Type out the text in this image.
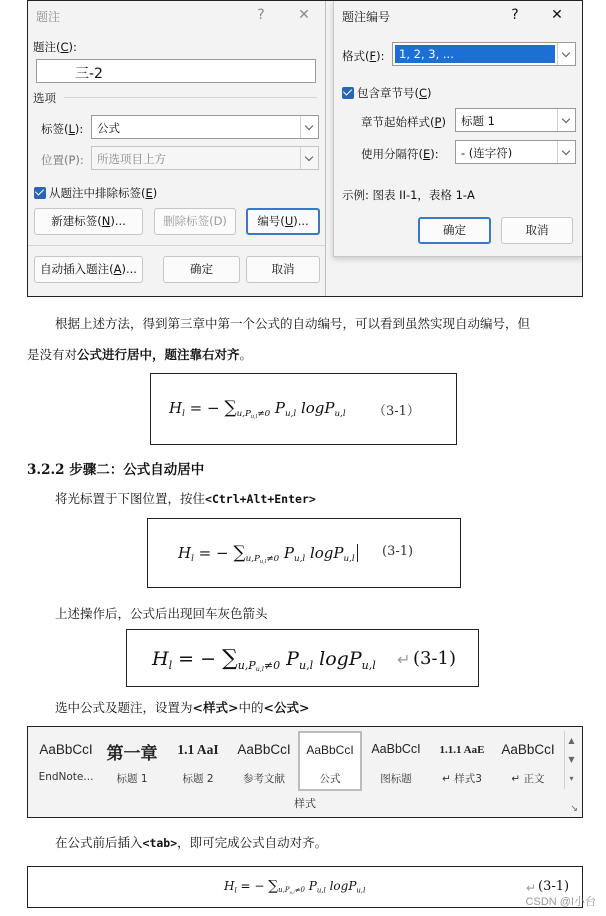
题注	?	✕
题注(C):
三-2
选项
标签(L): 公式
位置(P): 所选项目上方
从题注中排除标签(E)
新建标签(N)...	删除标签(D)	编号(U)...
自动插入题注(A)...	确定	取消
题注编号	?	✕
格式(F):	1, 2, 3, ...
包含章节号(C)
章节起始样式(P) 标题 1
使用分隔符(E): - (连字符)
示例: 图表 II-1，表格 1-A
确定	取消
根据上述方法，得到第三章中第一个公式的自动编号，可以看到虽然实现自动编号，但
是没有对公式进行居中，题注靠右对齐。
$H_l$ = − $\sum_{u,P_{u,l}\ne 0}$ $P_{u,l}$ logP$_{u,l}$ （3-1）
3.2.2 步骤二：公式自动居中
将光标置于下图位置，按住<Ctrl+Alt+Enter>
$H_l$ = − $\sum_{u,P_{u,l}\ne 0}$ $P_{u,l}$ logP$_{u,l}$
(3-1)
上述操作后，公式后出现回车灰色箭头
$H_l$ = − $\sum_{u,P_{u,l}\ne 0}$ $P_{u,l}$ logP$_{u,l}$ ↵ (3-1)
选中公式及题注，设置为<样式>中的<公式>
AaBbCcI
EndNote...
第一章
标题 1
1.1 AaI
标题 2
AaBbCcI
参考文献
AaBbCcI
公式
AaBbCcI
图标题
1.1.1 AaE
↵ 样式3
AaBbCcI
↵ 正文
▲
▼
▾
样式	↘
在公式前后插入<tab>，即可完成公式自动对齐。
$H_l$ = − $\sum_{u,P_{u,l}\ne 0}$ $P_{u,l}$ logP$_{u,l}$	↵ (3-1)
CSDN @I小台
